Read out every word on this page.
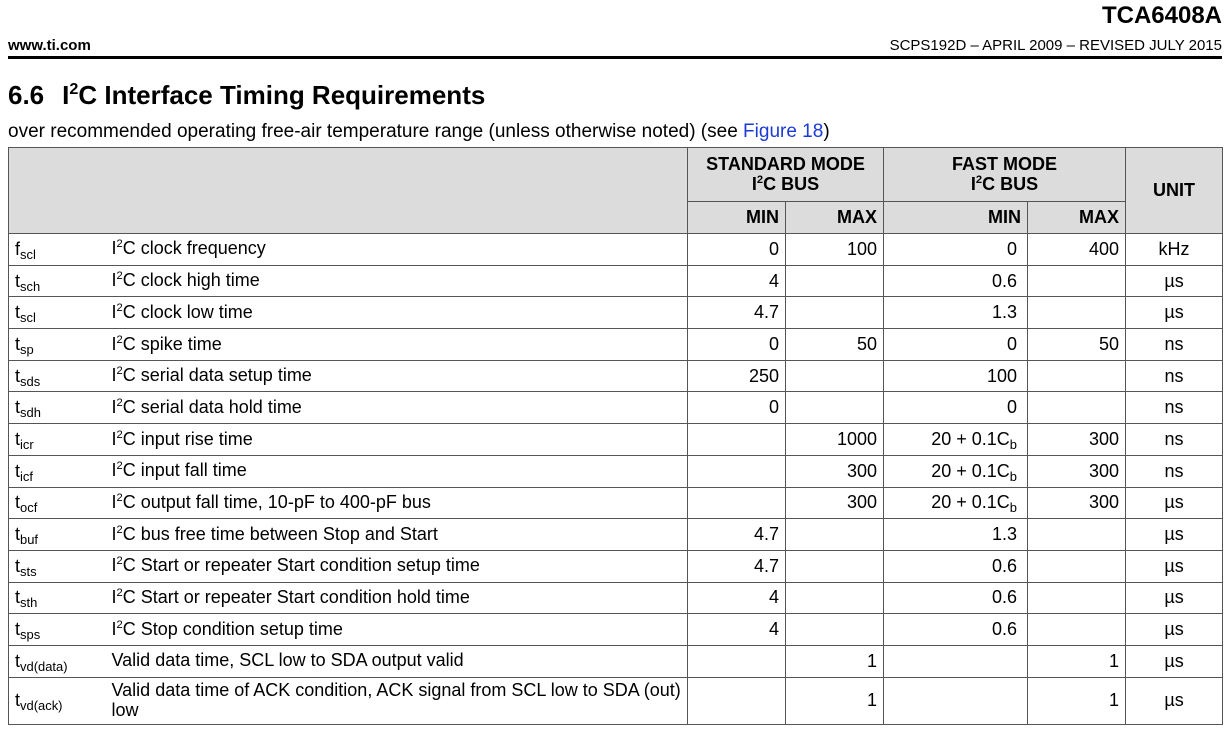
TCA6408A
www.ti.com	SCPS192D – APRIL 2009 – REVISED JULY 2015
6.6 $I^2C$ Interface Timing Requirements
over recommended operating free-air temperature range (unless otherwise noted) (see Figure 18)
		STANDARD MODE
$I^2C$ BUS		FAST MODE
$I^2C$ BUS		UNIT
		MIN	MAX	MIN	MAX	
$f_{scl}$	$I^2C$ clock frequency	0	100	0	400	kHz
$t_{sch}$	$I^2C$ clock high time	4		0.6		µs
$t_{scl}$	$I^2C$ clock low time	4.7		1.3		µs
$t_{sp}$	$I^2C$ spike time	0	50	0	50	ns
$t_{sds}$	$I^2C$ serial data setup time	250		100		ns
$t_{sdh}$	$I^2C$ serial data hold time	0		0		ns
$t_{icr}$	$I^2C$ input rise time		1000	$20 + 0.1C_b$	300	ns
$t_{icf}$	$I^2C$ input fall time		300	$20 + 0.1C_b$	300	ns
$t_{ocf}$	$I^2C$ output fall time, 10-pF to 400-pF bus		300	$20 + 0.1C_b$	300	µs
$t_{buf}$	$I^2C$ bus free time between Stop and Start	4.7		1.3		µs
$t_{sts}$	$I^2C$ Start or repeater Start condition setup time	4.7		0.6		µs
$t_{sth}$	$I^2C$ Start or repeater Start condition hold time	4		0.6		µs
$t_{sps}$	$I^2C$ Stop condition setup time	4		0.6		µs
$t_{vd(data)}$	Valid data time, SCL low to SDA output valid		1		1	µs
$t_{vd(ack)}$	Valid data time of ACK condition, ACK signal from SCL low to SDA (out) low		1		1	µs
